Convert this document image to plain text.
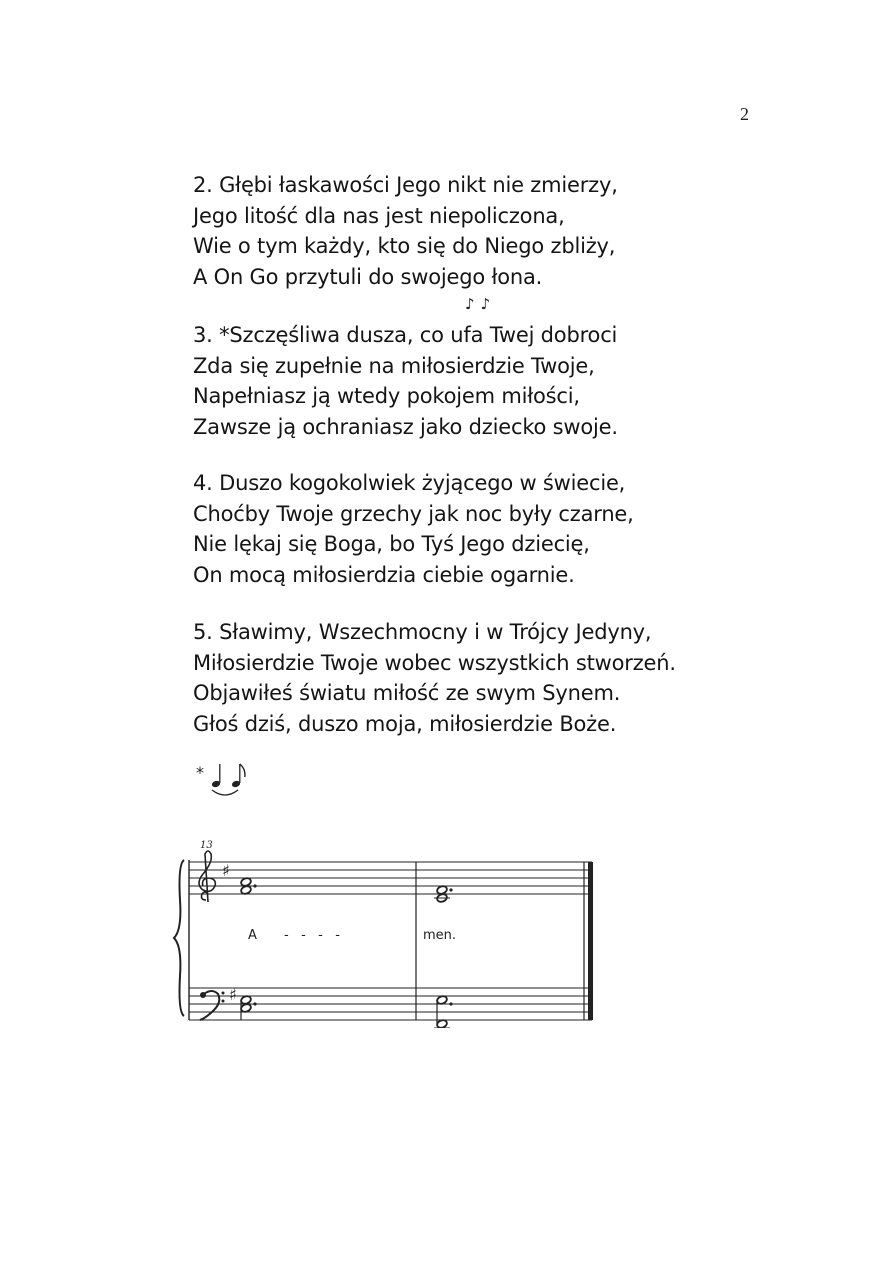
2
2. Głębi łaskawości Jego nikt nie zmierzy,
Jego litość dla nas jest niepoliczona,
Wie o tym każdy, kto się do Niego zbliży,
A On Go przytuli do swojego łona.
♪♪
3. *Szczęśliwa dusza, co ufa Twej dobroci
Zda się zupełnie na miłosierdzie Twoje,
Napełniasz ją wtedy pokojem miłości,
Zawsze ją ochraniasz jako dziecko swoje.
4. Duszo kogokolwiek żyjącego w świecie,
Choćby Twoje grzechy jak noc były czarne,
Nie lękaj się Boga, bo Tyś Jego dziecię,
On mocą miłosierdzia ciebie ogarnie.
5. Sławimy, Wszechmocny i w Trójcy Jedyny,
Miłosierdzie Twoje wobec wszystkich stworzeń.
Objawiłeś światu miłość ze swym Synem.
Głoś dziś, duszo moja, miłosierdzie Boże.
*
13
♯
♯
A -   -   -   -	men.
